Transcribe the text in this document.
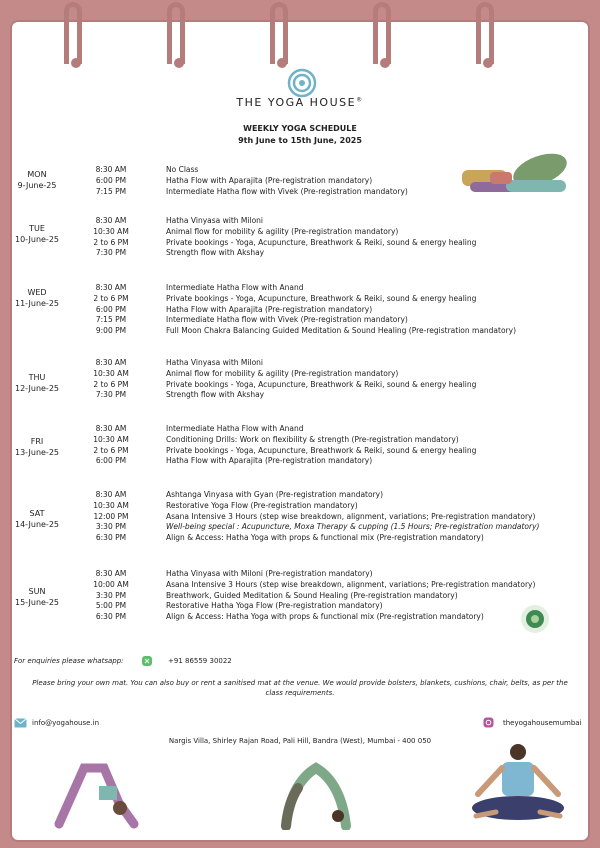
THE YOGA HOUSE®
WEEKLY YOGA SCHEDULE
9th June to 15th June, 2025
MON
9-June-25
8:30 AM
6:00 PM
7:15 PM
No Class
Hatha Flow with Aparajita (Pre-registration mandatory)
Intermediate Hatha flow with Vivek (Pre-registration mandatory)
TUE
10-June-25
8:30 AM
10:30 AM
2 to 6 PM
7:30 PM
Hatha Vinyasa with Miloni
Animal flow for mobility & agility (Pre-registration mandatory)
Private bookings - Yoga, Acupuncture, Breathwork & Reiki, sound & energy healing
Strength flow with Akshay
WED
11-June-25
8:30 AM
2 to 6 PM
6:00 PM
7:15 PM
9:00 PM
Intermediate Hatha Flow with Anand
Private bookings - Yoga, Acupuncture, Breathwork & Reiki, sound & energy healing
Hatha Flow with Aparajita (Pre-registration mandatory)
Intermediate Hatha flow with Vivek (Pre-registration mandatory)
Full Moon Chakra Balancing Guided Meditation & Sound Healing (Pre-registration mandatory)
THU
12-June-25
8:30 AM
10:30 AM
2 to 6 PM
7:30 PM
Hatha Vinyasa with Miloni
Animal flow for mobility & agility (Pre-registration mandatory)
Private bookings - Yoga, Acupuncture, Breathwork & Reiki, sound & energy healing
Strength flow with Akshay
FRI
13-June-25
8:30 AM
10:30 AM
2 to 6 PM
6:00 PM
Intermediate Hatha Flow with Anand
Conditioning Drills: Work on flexibility & strength (Pre-registration mandatory)
Private bookings - Yoga, Acupuncture, Breathwork & Reiki, sound & energy healing
Hatha Flow with Aparajita (Pre-registration mandatory)
SAT
14-June-25
8:30 AM
10:30 AM
12:00 PM
3:30 PM
6:30 PM
Ashtanga Vinyasa with Gyan (Pre-registration mandatory)
Restorative Yoga Flow (Pre-registration mandatory)
Asana Intensive 3 Hours (step wise breakdown, alignment, variations; Pre-registration mandatory)
Well-being special : Acupuncture, Moxa Therapy & cupping (1.5 Hours; Pre-registration mandatory)
Align & Access: Hatha Yoga with props & functional mix (Pre-registration mandatory)
SUN
15-June-25
8:30 AM
10:00 AM
3:30 PM
5:00 PM
6:30 PM
Hatha Vinyasa with Miloni (Pre-registration mandatory)
Asana Intensive 3 Hours (step wise breakdown, alignment, variations; Pre-registration mandatory)
Breathwork, Guided Meditation & Sound Healing (Pre-registration mandatory)
Restorative Hatha Yoga Flow (Pre-registration mandatory)
Align & Access: Hatha Yoga with props & functional mix (Pre-registration mandatory)
For enquiries please whatsapp:	+91 86559 30022
Please bring your own mat. You can also buy or rent a sanitised mat at the venue. We would provide bolsters, blankets, cushions, chair, belts, as per the class requirements.
info@yogahouse.in	theyogahousemumbai
Nargis Villa, Shirley Rajan Road, Pali Hill, Bandra (West), Mumbai - 400 050
